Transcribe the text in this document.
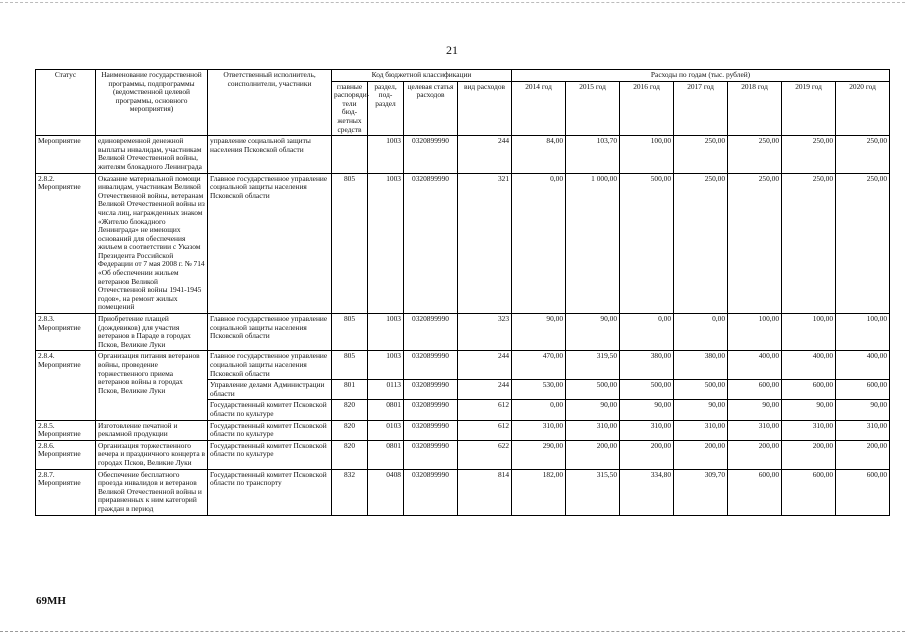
21
Статус	Наименование государственной программы, подпрограммы (ведомственной целевой программы, основного мероприятия)	Ответственный исполнитель, соисполнители, участники	Код бюджетной классификации				Расходы по годам (тыс. рублей)						
			главные распоряди-тели бюд-жетных средств	раздел, под-раздел	целевая статья расходов	вид расходов	2014 год	2015 год	2016 год	2017 год	2018 год	2019 год	2020 год
Мероприятие	единовременной денежной выплаты инвалидам, участникам Великой Отечественной войны, жителям блокадного Ленинграда	управление социальной защиты населения Псковской области		1003	0320899990	244	84,00	103,70	100,00	250,00	250,00	250,00	250,00
2.8.2. Мероприятие	Оказание материальной помощи инвалидам, участникам Великой Отечественной войны, ветеранам Великой Отечественной войны из числа лиц, награжденных знаком «Жителю блокадного Ленинграда» не имеющих оснований для обеспечения жильем в соответствии с Указом Президента Российской Федерации от 7 мая 2008 г. № 714 «Об обеспечении жильем ветеранов Великой Отечественной войны 1941-1945 годов», на ремонт жилых помещений	Главное государственное управление социальной защиты населения Псковской области	805	1003	0320899990	321	0,00	1 000,00	500,00	250,00	250,00	250,00	250,00
2.8.3. Мероприятие	Приобретение плащей (дождевиков) для участия ветеранов в Параде в городах Псков, Великие Луки	Главное государственное управление социальной защиты населения Псковской области	805	1003	0320899990	323	90,00	90,00	0,00	0,00	100,00	100,00	100,00
2.8.4. Мероприятие	Организация питания ветеранов войны, проведение торжественного приема ветеранов войны в городах Псков, Великие Луки	Главное государственное управление социальной защиты населения Псковской области	805	1003	0320899990	244	470,00	319,50	380,00	380,00	400,00	400,00	400,00
		Управление делами Администрации области	801	0113	0320899990	244	530,00	500,00	500,00	500,00	600,00	600,00	600,00
		Государственный комитет Псковской области по культуре	820	0801	0320899990	612	0,00	90,00	90,00	90,00	90,00	90,00	90,00
2.8.5. Мероприятие	Изготовление печатной и рекламной продукции	Государственный комитет Псковской области по культуре	820	0103	0320899990	612	310,00	310,00	310,00	310,00	310,00	310,00	310,00
2.8.6. Мероприятие	Организация торжественного вечера и праздничного концерта в городах Псков, Великие Луки	Государственный комитет Псковской области по культуре	820	0801	0320899990	622	290,00	200,00	200,00	200,00	200,00	200,00	200,00
2.8.7. Мероприятие	Обеспечение бесплатного проезда инвалидов и ветеранов Великой Отечественной войны и приравненных к ним категорий граждан в период	Государственный комитет Псковской области по транспорту	832	0408	0320899990	814	182,00	315,50	334,80	309,70	600,00	600,00	600,00
69МН
